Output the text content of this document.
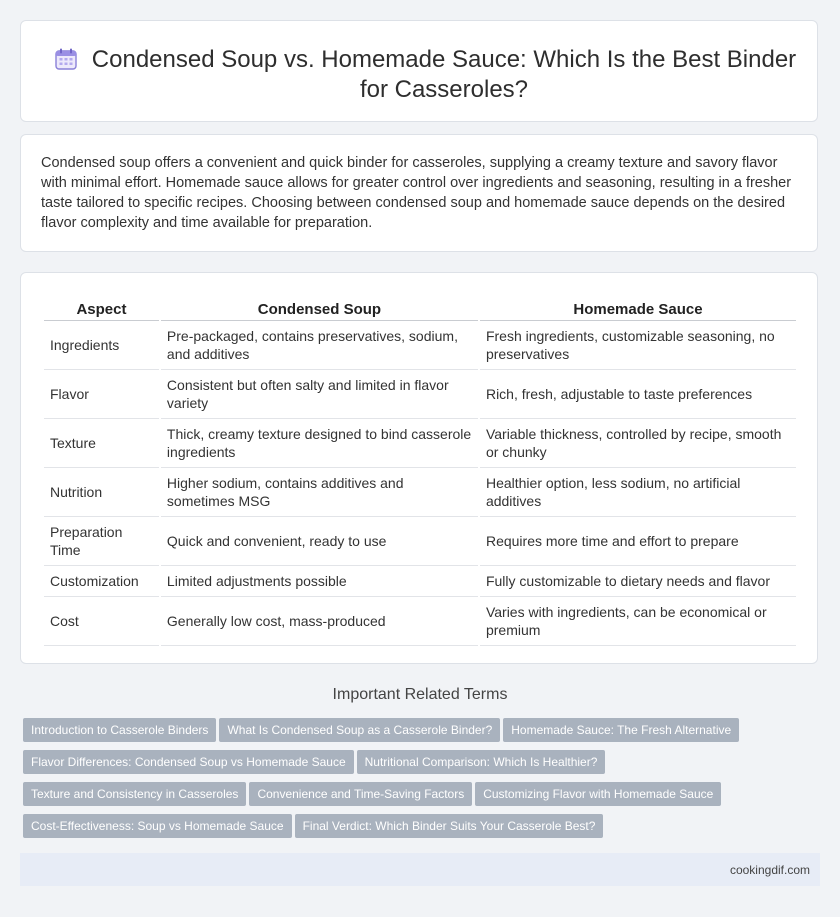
Condensed Soup vs. Homemade Sauce: Which Is the Best Binder for Casseroles?

Condensed soup offers a convenient and quick binder for casseroles, supplying a creamy texture and savory flavor with minimal effort. Homemade sauce allows for greater control over ingredients and seasoning, resulting in a fresher taste tailored to specific recipes. Choosing between condensed soup and homemade sauce depends on the desired flavor complexity and time available for preparation.

Aspect	Condensed Soup	Homemade Sauce
Ingredients	Pre-packaged, contains preservatives, sodium, and additives	Fresh ingredients, customizable seasoning, no preservatives
Flavor	Consistent but often salty and limited in flavor variety	Rich, fresh, adjustable to taste preferences
Texture	Thick, creamy texture designed to bind casserole ingredients	Variable thickness, controlled by recipe, smooth or chunky
Nutrition	Higher sodium, contains additives and sometimes MSG	Healthier option, less sodium, no artificial additives
Preparation Time	Quick and convenient, ready to use	Requires more time and effort to prepare
Customization	Limited adjustments possible	Fully customizable to dietary needs and flavor
Cost	Generally low cost, mass-produced	Varies with ingredients, can be economical or premium
Important Related Terms
Introduction to Casserole Binders What Is Condensed Soup as a Casserole Binder? Homemade Sauce: The Fresh Alternative
Flavor Differences: Condensed Soup vs Homemade Sauce Nutritional Comparison: Which Is Healthier?
Texture and Consistency in Casseroles Convenience and Time-Saving Factors Customizing Flavor with Homemade Sauce
Cost-Effectiveness: Soup vs Homemade Sauce Final Verdict: Which Binder Suits Your Casserole Best?
cookingdif.com
